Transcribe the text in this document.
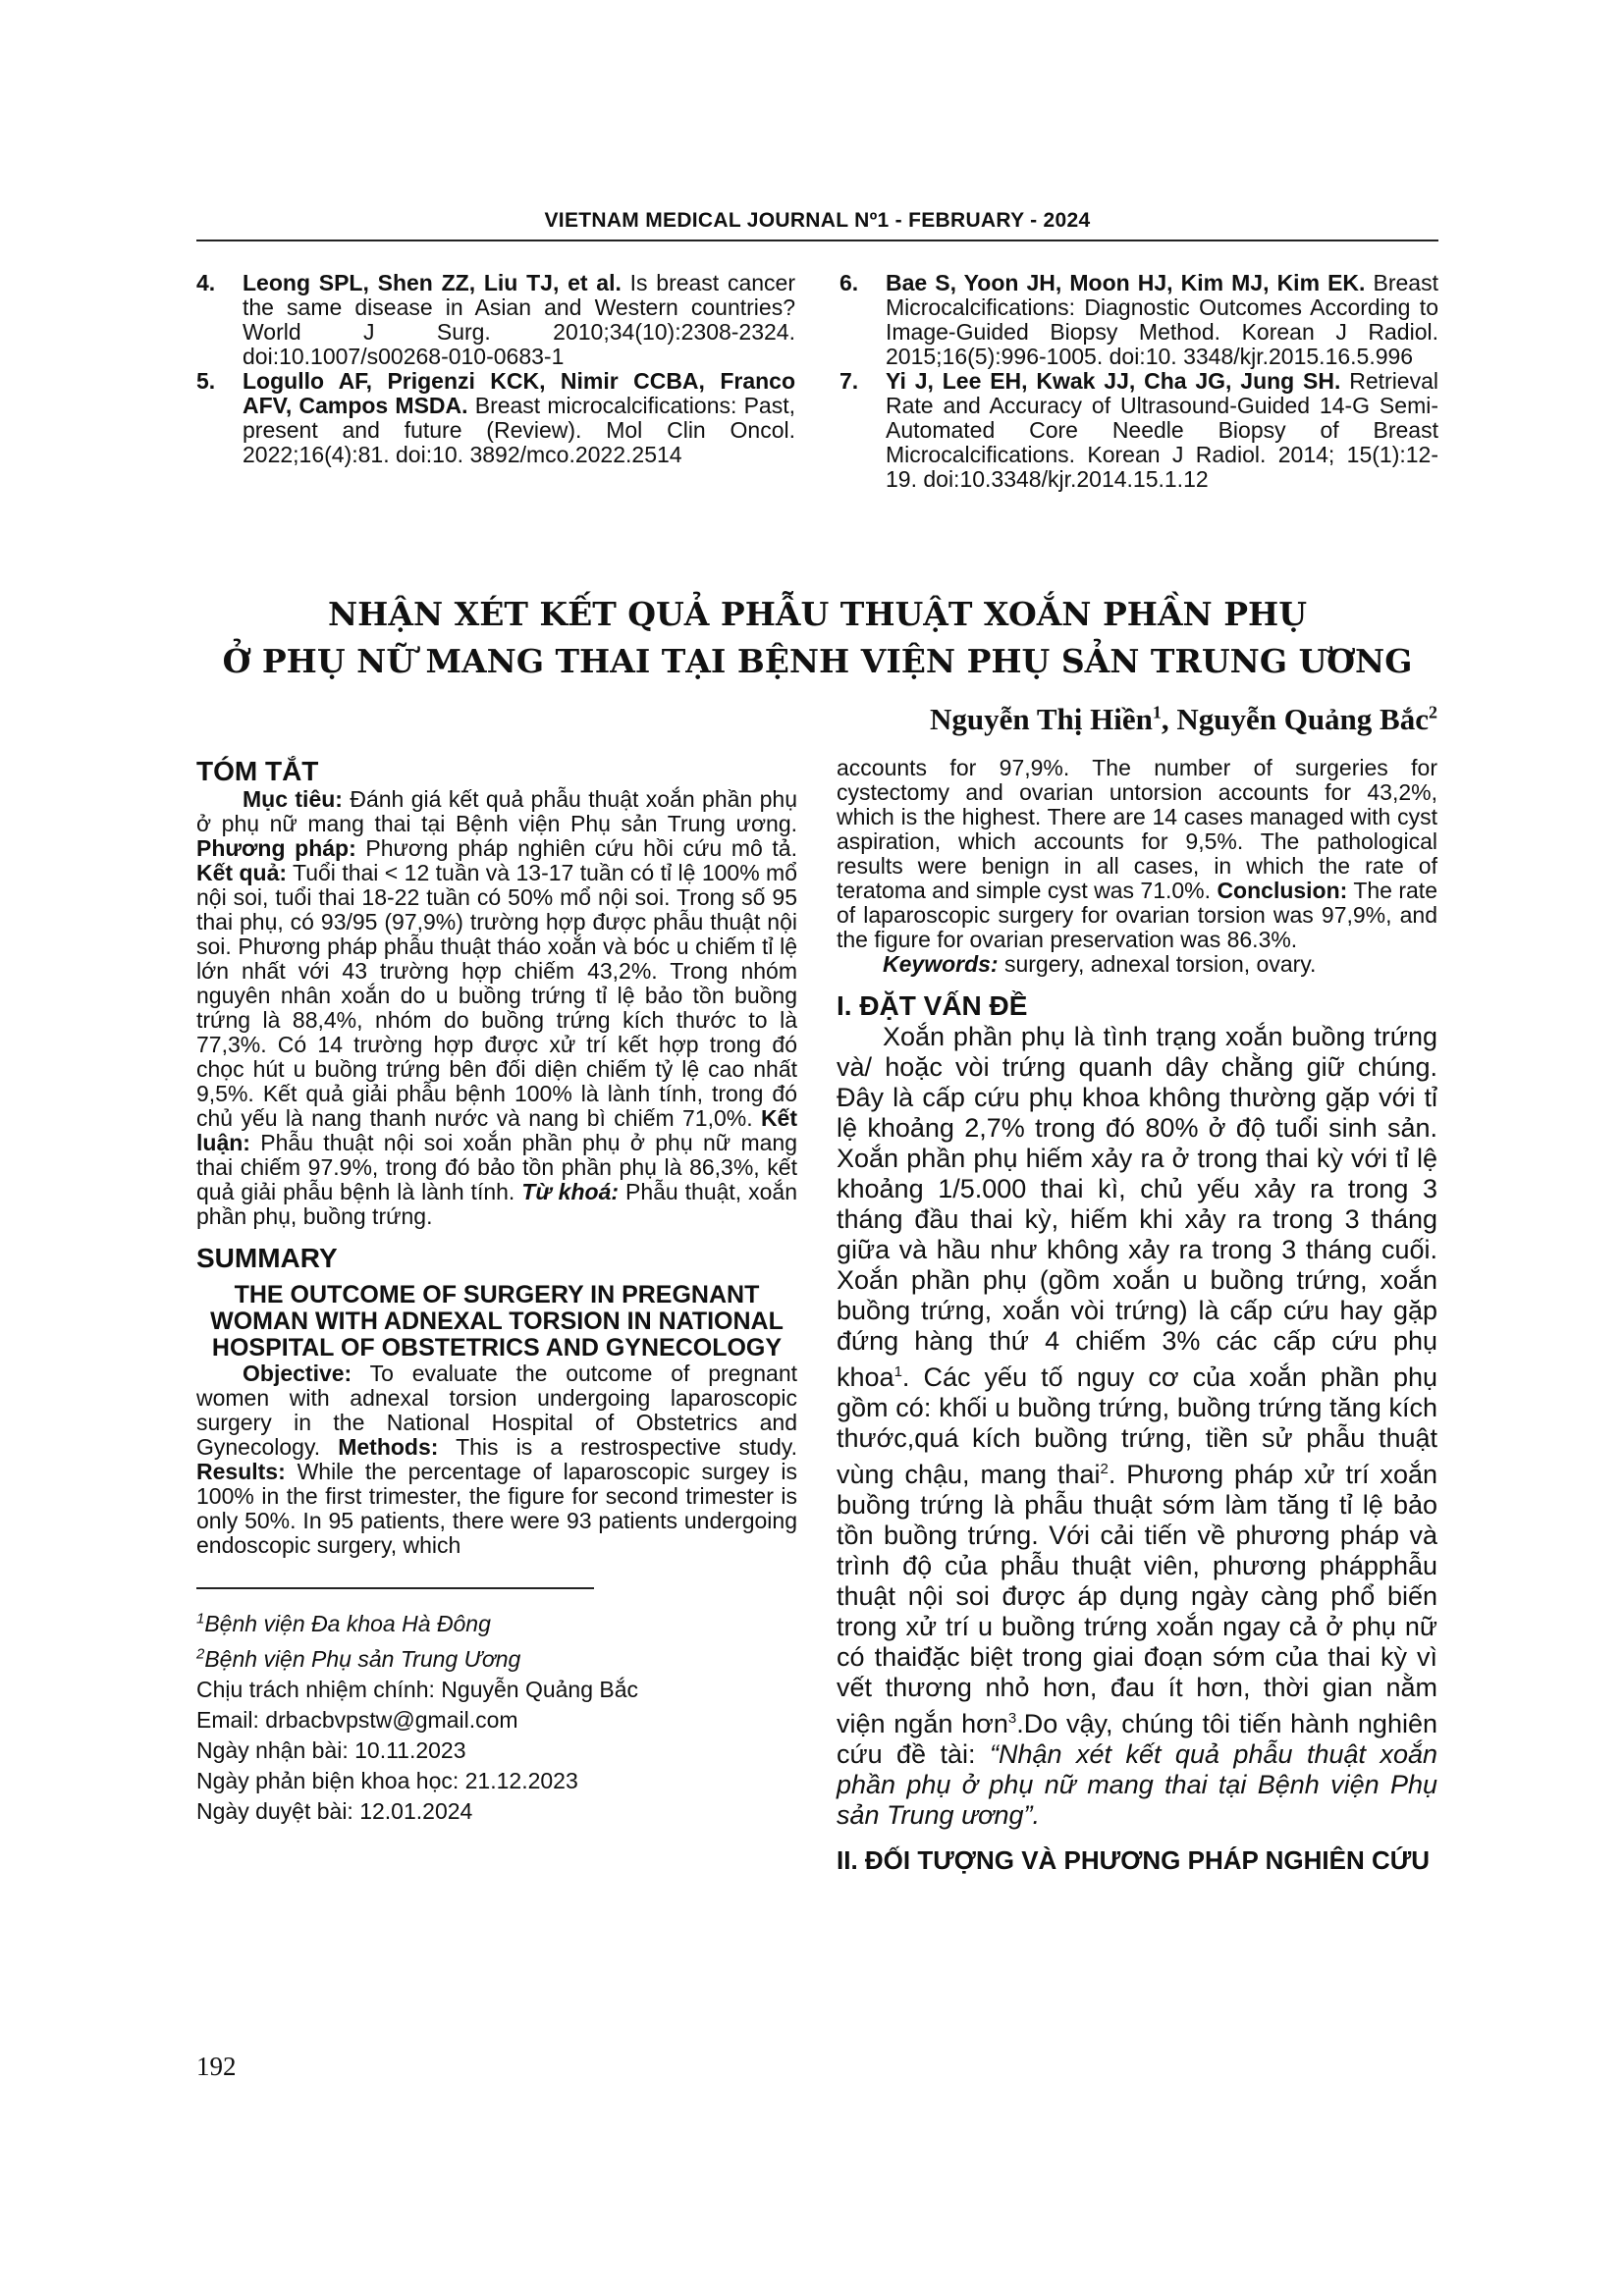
VIETNAM MEDICAL JOURNAL Nº1 - FEBRUARY - 2024
4.	Leong SPL, Shen ZZ, Liu TJ, et al. Is breast cancer the same disease in Asian and Western countries? World J Surg. 2010;34(10):2308-2324. doi:10.1007/s00268-010-0683-1
5.	Logullo AF, Prigenzi KCK, Nimir CCBA, Franco AFV, Campos MSDA. Breast microcalcifications: Past, present and future (Review). Mol Clin Oncol. 2022;16(4):81. doi:10. 3892/mco.2022.2514
6.	Bae S, Yoon JH, Moon HJ, Kim MJ, Kim EK. Breast Microcalcifications: Diagnostic Outcomes According to Image-Guided Biopsy Method. Korean J Radiol. 2015;16(5):996-1005. doi:10. 3348/kjr.2015.16.5.996
7.	Yi J, Lee EH, Kwak JJ, Cha JG, Jung SH. Retrieval Rate and Accuracy of Ultrasound-Guided 14-G Semi-Automated Core Needle Biopsy of Breast Microcalcifications. Korean J Radiol. 2014; 15(1):12-19. doi:10.3348/kjr.2014.15.1.12
NHẬN XÉT KẾT QUẢ PHẪU THUẬT XOẮN PHẦN PHỤ
Ở PHỤ NỮ MANG THAI TẠI BỆNH VIỆN PHỤ SẢN TRUNG ƯƠNG
Nguyễn Thị Hiền$^1$, Nguyễn Quảng Bắc$^2$
TÓM TẮT

Mục tiêu: Đánh giá kết quả phẫu thuật xoắn phần phụ ở phụ nữ mang thai tại Bệnh viện Phụ sản Trung ương. Phương pháp: Phương pháp nghiên cứu hồi cứu mô tả. Kết quả: Tuổi thai < 12 tuần và 13-17 tuần có tỉ lệ 100% mổ nội soi, tuổi thai 18-22 tuần có 50% mổ nội soi. Trong số 95 thai phụ, có 93/95 (97,9%) trường hợp được phẫu thuật nội soi. Phương pháp phẫu thuật tháo xoắn và bóc u chiếm tỉ lệ lớn nhất với 43 trường hợp chiếm 43,2%. Trong nhóm nguyên nhân xoắn do u buồng trứng tỉ lệ bảo tồn buồng trứng là 88,4%, nhóm do buồng trứng kích thước to là 77,3%. Có 14 trường hợp được xử trí kết hợp trong đó chọc hút u buồng trứng bên đối diện chiếm tỷ lệ cao nhất 9,5%. Kết quả giải phẫu bệnh 100% là lành tính, trong đó chủ yếu là nang thanh nước và nang bì chiếm 71,0%. Kết luận: Phẫu thuật nội soi xoắn phần phụ ở phụ nữ mang thai chiếm 97.9%, trong đó bảo tồn phần phụ là 86,3%, kết quả giải phẫu bệnh là lành tính. Từ khoá: Phẫu thuật, xoắn phần phụ, buồng trứng.

SUMMARY

THE OUTCOME OF SURGERY IN PREGNANT WOMAN WITH ADNEXAL TORSION IN NATIONAL HOSPITAL OF OBSTETRICS AND GYNECOLOGY

Objective: To evaluate the outcome of pregnant women with adnexal torsion undergoing laparoscopic surgery in the National Hospital of Obstetrics and Gynecology. Methods: This is a restrospective study. Results: While the percentage of laparoscopic surgey is 100% in the first trimester, the figure for second trimester is only 50%. In 95 patients, there were 93 patients undergoing endoscopic surgery, which

$^1$Bệnh viện Đa khoa Hà Đông
$^2$Bệnh viện Phụ sản Trung Ương
Chịu trách nhiệm chính: Nguyễn Quảng Bắc
Email: drbacbvpstw@gmail.com
Ngày nhận bài: 10.11.2023
Ngày phản biện khoa học: 21.12.2023
Ngày duyệt bài: 12.01.2024

accounts for 97,9%. The number of surgeries for cystectomy and ovarian untorsion accounts for 43,2%, which is the highest. There are 14 cases managed with cyst aspiration, which accounts for 9,5%. The pathological results were benign in all cases, in which the rate of teratoma and simple cyst was 71.0%. Conclusion: The rate of laparoscopic surgery for ovarian torsion was 97,9%, and the figure for ovarian preservation was 86.3%.

Keywords: surgery, adnexal torsion, ovary.

I. ĐẶT VẤN ĐỀ

Xoắn phần phụ là tình trạng xoắn buồng trứng và/ hoặc vòi trứng quanh dây chằng giữ chúng. Đây là cấp cứu phụ khoa không thường gặp với tỉ lệ khoảng 2,7% trong đó 80% ở độ tuổi sinh sản. Xoắn phần phụ hiếm xảy ra ở trong thai kỳ với tỉ lệ khoảng 1/5.000 thai kì, chủ yếu xảy ra trong 3 tháng đầu thai kỳ, hiếm khi xảy ra trong 3 tháng giữa và hầu như không xảy ra trong 3 tháng cuối. Xoắn phần phụ (gồm xoắn u buồng trứng, xoắn buồng trứng, xoắn vòi trứng) là cấp cứu hay gặp đứng hàng thứ 4 chiếm 3% các cấp cứu phụ khoa$^1$. Các yếu tố nguy cơ của xoắn phần phụ gồm có: khối u buồng trứng, buồng trứng tăng kích thước,quá kích buồng trứng, tiền sử phẫu thuật vùng chậu, mang thai$^2$. Phương pháp xử trí xoắn buồng trứng là phẫu thuật sớm làm tăng tỉ lệ bảo tồn buồng trứng. Với cải tiến về phương pháp và trình độ của phẫu thuật viên, phương phápphẫu thuật nội soi được áp dụng ngày càng phổ biến trong xử trí u buồng trứng xoắn ngay cả ở phụ nữ có thaiđặc biệt trong giai đoạn sớm của thai kỳ vì vết thương nhỏ hơn, đau ít hơn, thời gian nằm viện ngắn hơn$^3$.Do vậy, chúng tôi tiến hành nghiên cứu đề tài: “Nhận xét kết quả phẫu thuật xoắn phần phụ ở phụ nữ mang thai tại Bệnh viện Phụ sản Trung ương”.

II. ĐỐI TƯỢNG VÀ PHƯƠNG PHÁP NGHIÊN CỨU
192
